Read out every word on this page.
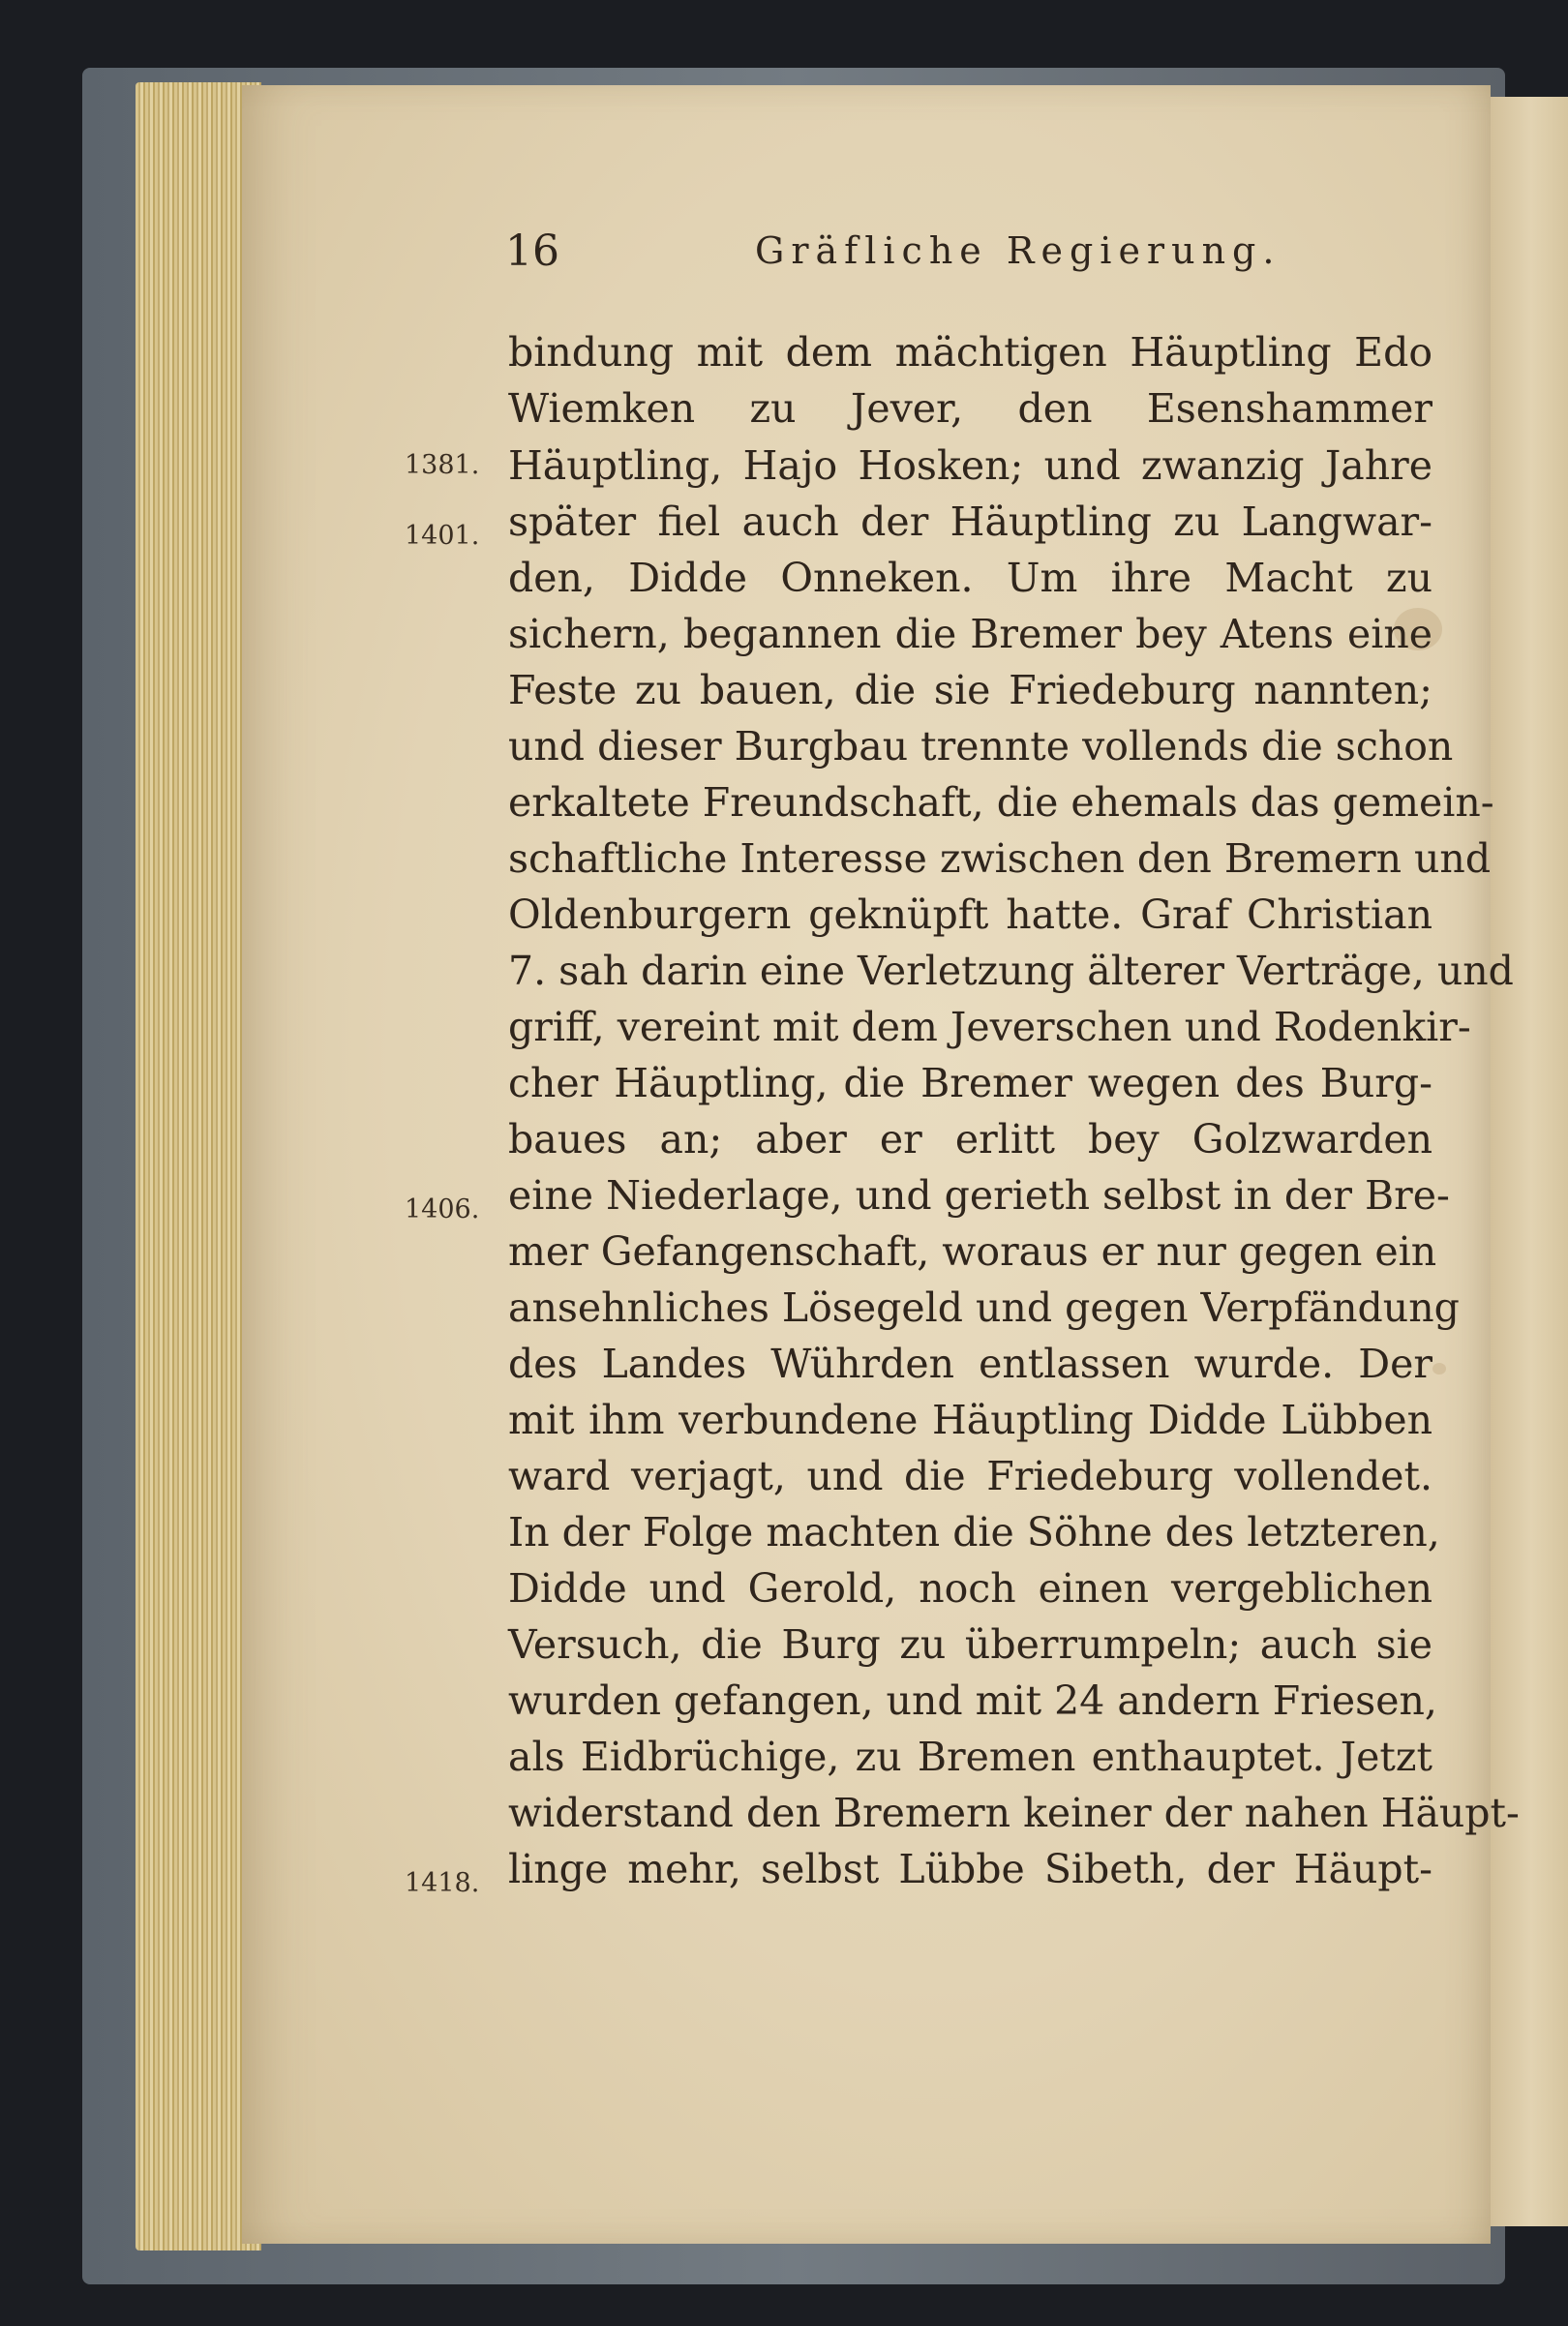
16	Gräfliche Regierung.
1381.
1401.
1406.
1418.
bindung mit dem mächtigen Häuptling Edo
Wiemken zu Jever, den Esenshammer
Häuptling, Hajo Hosken; und zwanzig Jahre
später fiel auch der Häuptling zu Langwar-
den, Didde Onneken. Um ihre Macht zu
sichern, begannen die Bremer bey Atens eine
Feste zu bauen, die sie Friedeburg nannten;
und dieser Burgbau trennte vollends die schon
erkaltete Freundschaft, die ehemals das gemein-
schaftliche Interesse zwischen den Bremern und
Oldenburgern geknüpft hatte. Graf Christian
7. sah darin eine Verletzung älterer Verträge, und
griff, vereint mit dem Jeverschen und Rodenkir-
cher Häuptling, die Bremer wegen des Burg-
baues an; aber er erlitt bey Golzwarden
eine Niederlage, und gerieth selbst in der Bre-
mer Gefangenschaft, woraus er nur gegen ein
ansehnliches Lösegeld und gegen Verpfändung
des Landes Wührden entlassen wurde. Der
mit ihm verbundene Häuptling Didde Lübben
ward verjagt, und die Friedeburg vollendet.
In der Folge machten die Söhne des letzteren,
Didde und Gerold, noch einen vergeblichen
Versuch, die Burg zu überrumpeln; auch sie
wurden gefangen, und mit 24 andern Friesen,
als Eidbrüchige, zu Bremen enthauptet. Jetzt
widerstand den Bremern keiner der nahen Häupt-
linge mehr, selbst Lübbe Sibeth, der Häupt-
